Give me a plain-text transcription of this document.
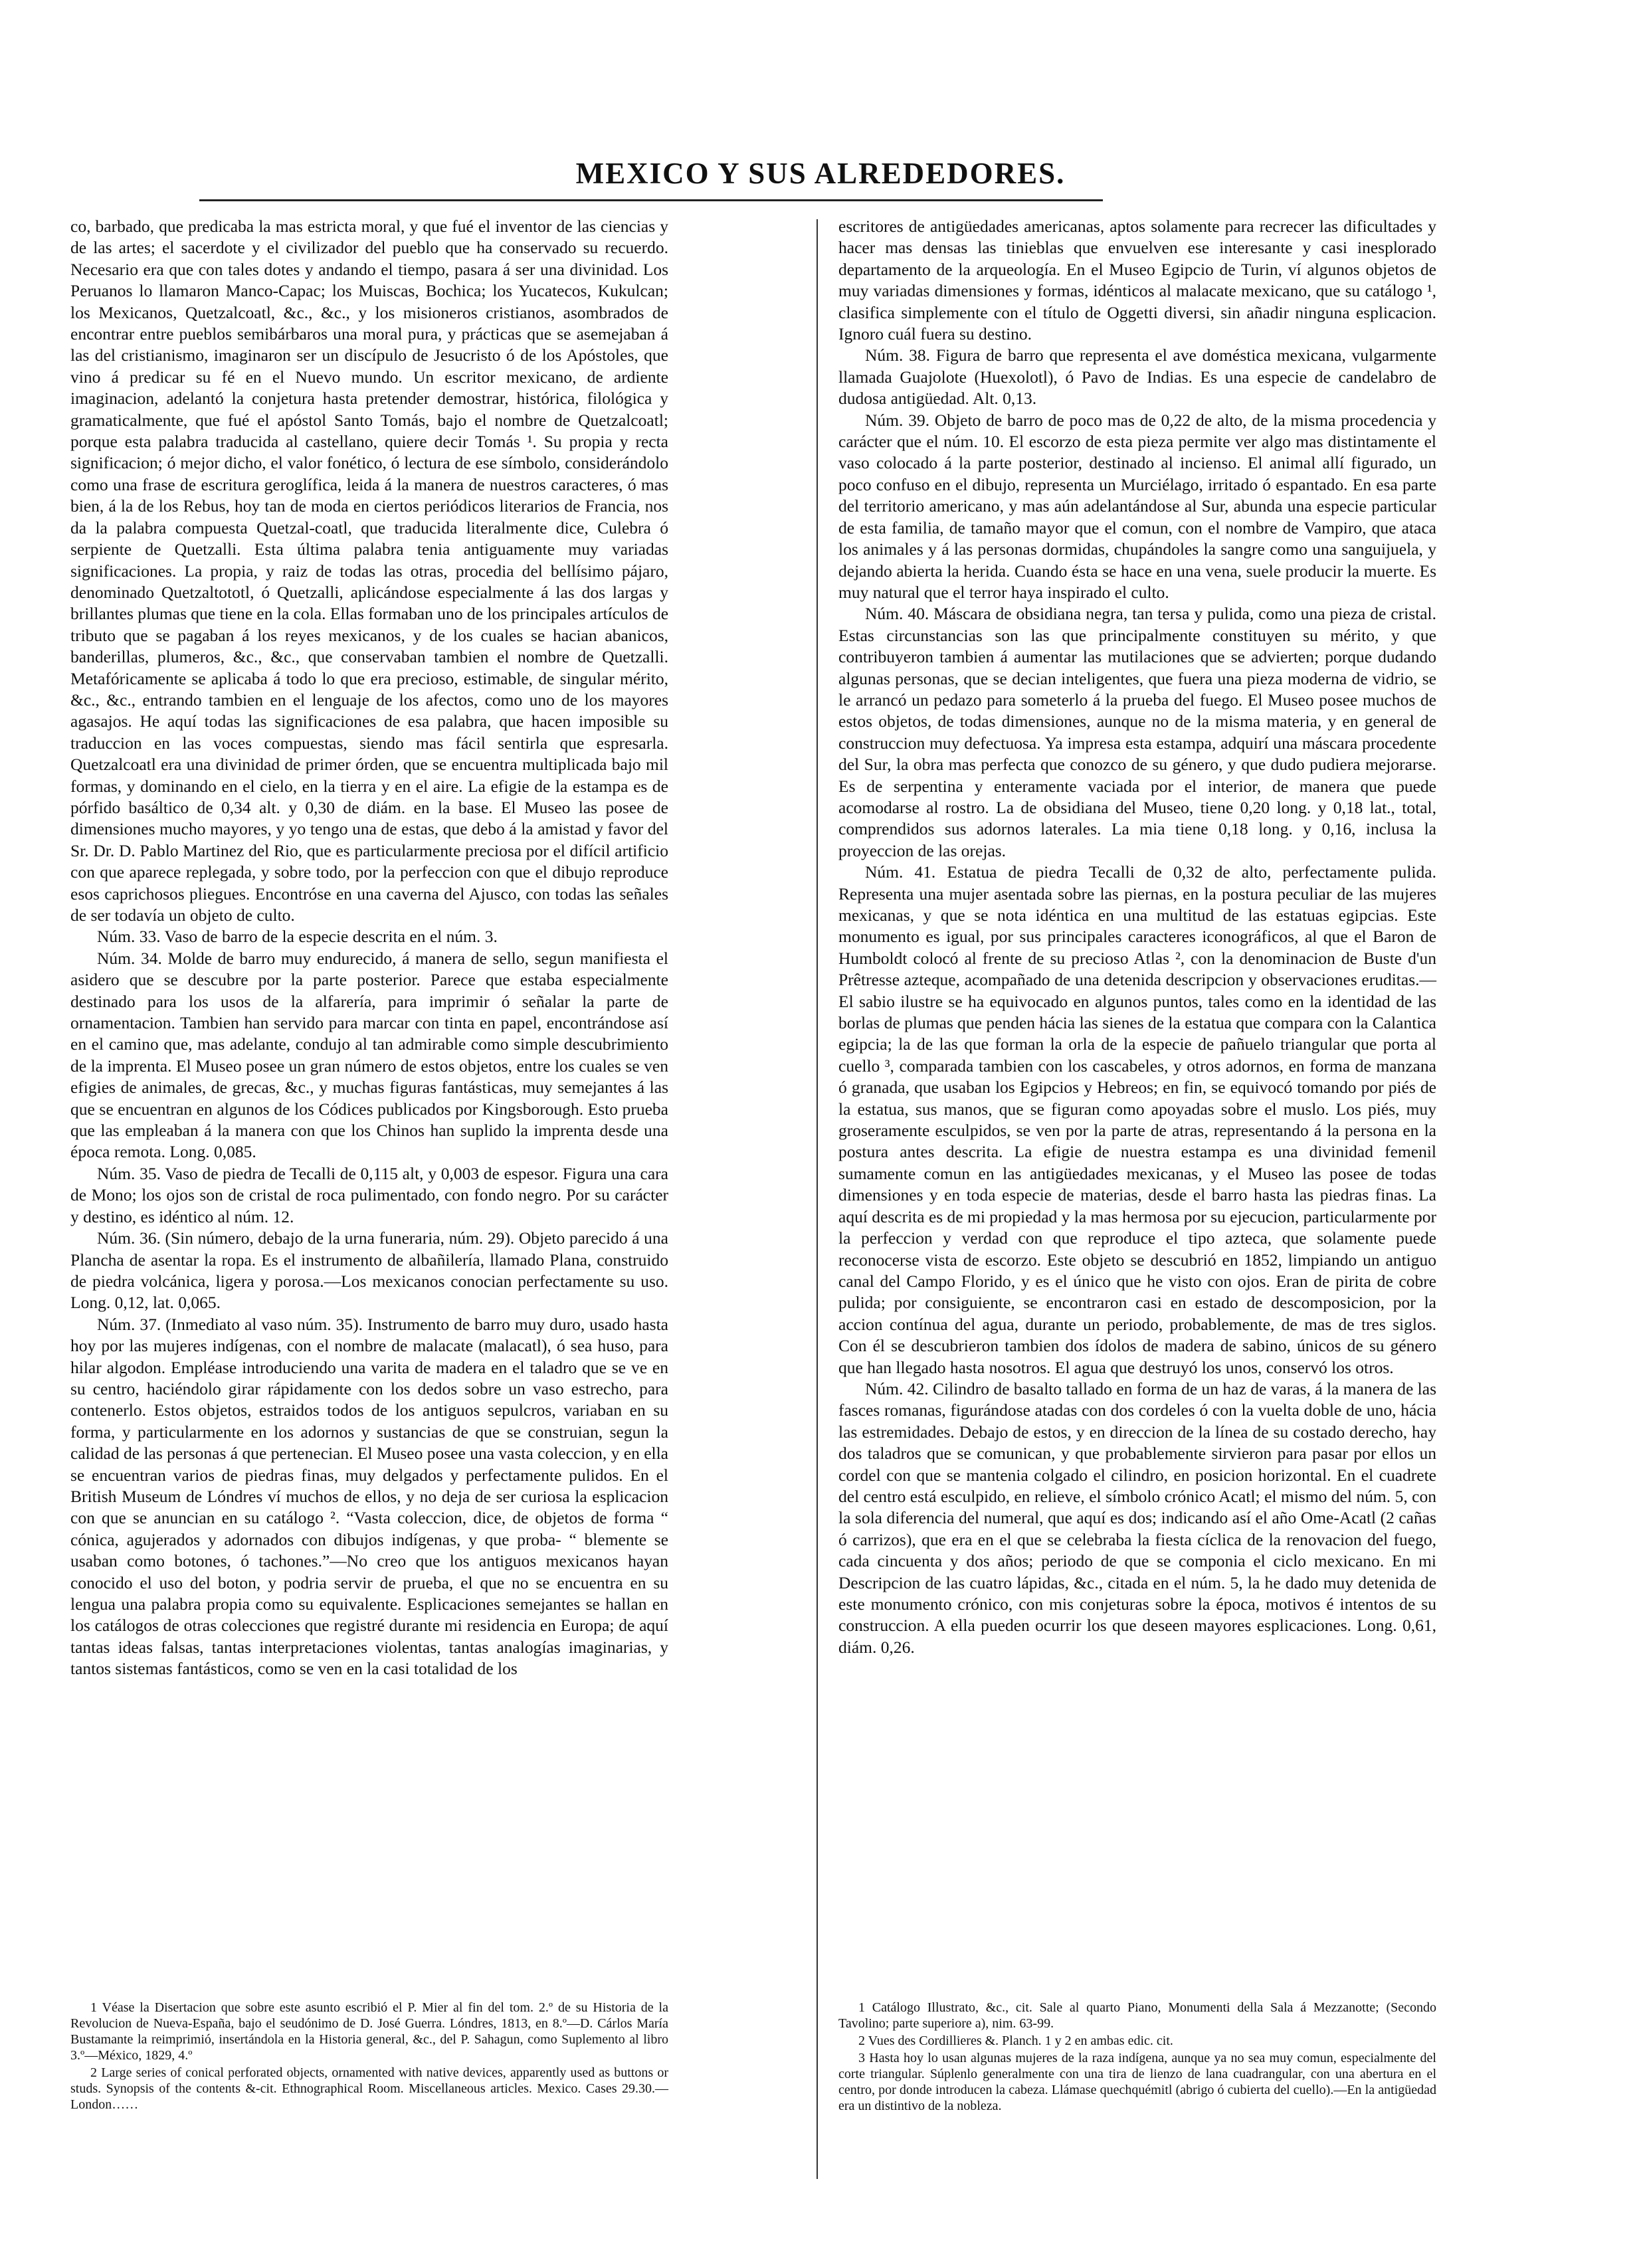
MEXICO Y SUS ALREDEDORES.

co, barbado, que predicaba la mas estricta moral, y que fué el inventor de las ciencias y de las artes; el sacerdote y el civilizador del pueblo que ha conservado su recuerdo. Necesario era que con tales dotes y andando el tiempo, pasara á ser una divinidad. Los Peruanos lo llamaron Manco-Capac; los Muiscas, Bochica; los Yucatecos, Kukulcan; los Mexicanos, Quetzalcoatl, &c., &c., y los misioneros cristianos, asombrados de encontrar entre pueblos semibárbaros una moral pura, y prácticas que se asemejaban á las del cristianismo, imaginaron ser un discípulo de Jesucristo ó de los Apóstoles, que vino á predicar su fé en el Nuevo mundo. Un escritor mexicano, de ardiente imaginacion, adelantó la conjetura hasta pretender demostrar, histórica, filológica y gramaticalmente, que fué el apóstol Santo Tomás, bajo el nombre de Quetzalcoatl; porque esta palabra traducida al castellano, quiere decir Tomás ¹. Su propia y recta significacion; ó mejor dicho, el valor fonético, ó lectura de ese símbolo, considerándolo como una frase de escritura geroglífica, leida á la manera de nuestros caracteres, ó mas bien, á la de los Rebus, hoy tan de moda en ciertos periódicos literarios de Francia, nos da la palabra compuesta Quetzal-coatl, que traducida literalmente dice, Culebra ó serpiente de Quetzalli. Esta última palabra tenia antiguamente muy variadas significaciones. La propia, y raiz de todas las otras, procedia del bellísimo pájaro, denominado Quetzaltototl, ó Quetzalli, aplicándose especialmente á las dos largas y brillantes plumas que tiene en la cola. Ellas formaban uno de los principales artículos de tributo que se pagaban á los reyes mexicanos, y de los cuales se hacian abanicos, banderillas, plumeros, &c., &c., que conservaban tambien el nombre de Quetzalli. Metafóricamente se aplicaba á todo lo que era precioso, estimable, de singular mérito, &c., &c., entrando tambien en el lenguaje de los afectos, como uno de los mayores agasajos. He aquí todas las significaciones de esa palabra, que hacen imposible su traduccion en las voces compuestas, siendo mas fácil sentirla que espresarla. Quetzalcoatl era una divinidad de primer órden, que se encuentra multiplicada bajo mil formas, y dominando en el cielo, en la tierra y en el aire. La efigie de la estampa es de pórfido basáltico de 0,34 alt. y 0,30 de diám. en la base. El Museo las posee de dimensiones mucho mayores, y yo tengo una de estas, que debo á la amistad y favor del Sr. Dr. D. Pablo Martinez del Rio, que es particularmente preciosa por el difícil artificio con que aparece replegada, y sobre todo, por la perfeccion con que el dibujo reproduce esos caprichosos pliegues. Encontróse en una caverna del Ajusco, con todas las señales de ser todavía un objeto de culto.

Núm. 33. Vaso de barro de la especie descrita en el núm. 3.

Núm. 34. Molde de barro muy endurecido, á manera de sello, segun manifiesta el asidero que se descubre por la parte posterior. Parece que estaba especialmente destinado para los usos de la alfarería, para imprimir ó señalar la parte de ornamentacion. Tambien han servido para marcar con tinta en papel, encontrándose así en el camino que, mas adelante, condujo al tan admirable como simple descubrimiento de la imprenta. El Museo posee un gran número de estos objetos, entre los cuales se ven efigies de animales, de grecas, &c., y muchas figuras fantásticas, muy semejantes á las que se encuentran en algunos de los Códices publicados por Kingsborough. Esto prueba que las empleaban á la manera con que los Chinos han suplido la imprenta desde una época remota. Long. 0,085.

Núm. 35. Vaso de piedra de Tecalli de 0,115 alt, y 0,003 de espesor. Figura una cara de Mono; los ojos son de cristal de roca pulimentado, con fondo negro. Por su carácter y destino, es idéntico al núm. 12.

Núm. 36. (Sin número, debajo de la urna funeraria, núm. 29). Objeto parecido á una Plancha de asentar la ropa. Es el instrumento de albañilería, llamado Plana, construido de piedra volcánica, ligera y porosa.—Los mexicanos conocian perfectamente su uso. Long. 0,12, lat. 0,065.

Núm. 37. (Inmediato al vaso núm. 35). Instrumento de barro muy duro, usado hasta hoy por las mujeres indígenas, con el nombre de malacate (malacatl), ó sea huso, para hilar algodon. Empléase introduciendo una varita de madera en el taladro que se ve en su centro, haciéndolo girar rápidamente con los dedos sobre un vaso estrecho, para contenerlo. Estos objetos, estraidos todos de los antiguos sepulcros, variaban en su forma, y particularmente en los adornos y sustancias de que se construian, segun la calidad de las personas á que pertenecian. El Museo posee una vasta coleccion, y en ella se encuentran varios de piedras finas, muy delgados y perfectamente pulidos. En el British Museum de Lóndres ví muchos de ellos, y no deja de ser curiosa la esplicacion con que se anuncian en su catálogo ². “Vasta coleccion, dice, de objetos de forma “ cónica, agujerados y adornados con dibujos indígenas, y que proba- “ blemente se usaban como botones, ó tachones.”—No creo que los antiguos mexicanos hayan conocido el uso del boton, y podria servir de prueba, el que no se encuentra en su lengua una palabra propia como su equivalente. Esplicaciones semejantes se hallan en los catálogos de otras colecciones que registré durante mi residencia en Europa; de aquí tantas ideas falsas, tantas interpretaciones violentas, tantas analogías imaginarias, y tantos sistemas fantásticos, como se ven en la casi totalidad de los

escritores de antigüedades americanas, aptos solamente para recrecer las dificultades y hacer mas densas las tinieblas que envuelven ese interesante y casi inesplorado departamento de la arqueología. En el Museo Egipcio de Turin, ví algunos objetos de muy variadas dimensiones y formas, idénticos al malacate mexicano, que su catálogo ¹, clasifica simplemente con el título de Oggetti diversi, sin añadir ninguna esplicacion. Ignoro cuál fuera su destino.

Núm. 38. Figura de barro que representa el ave doméstica mexicana, vulgarmente llamada Guajolote (Huexolotl), ó Pavo de Indias. Es una especie de candelabro de dudosa antigüedad. Alt. 0,13.

Núm. 39. Objeto de barro de poco mas de 0,22 de alto, de la misma procedencia y carácter que el núm. 10. El escorzo de esta pieza permite ver algo mas distintamente el vaso colocado á la parte posterior, destinado al incienso. El animal allí figurado, un poco confuso en el dibujo, representa un Murciélago, irritado ó espantado. En esa parte del territorio americano, y mas aún adelantándose al Sur, abunda una especie particular de esta familia, de tamaño mayor que el comun, con el nombre de Vampiro, que ataca los animales y á las personas dormidas, chupándoles la sangre como una sanguijuela, y dejando abierta la herida. Cuando ésta se hace en una vena, suele producir la muerte. Es muy natural que el terror haya inspirado el culto.

Núm. 40. Máscara de obsidiana negra, tan tersa y pulida, como una pieza de cristal. Estas circunstancias son las que principalmente constituyen su mérito, y que contribuyeron tambien á aumentar las mutilaciones que se advierten; porque dudando algunas personas, que se decian inteligentes, que fuera una pieza moderna de vidrio, se le arrancó un pedazo para someterlo á la prueba del fuego. El Museo posee muchos de estos objetos, de todas dimensiones, aunque no de la misma materia, y en general de construccion muy defectuosa. Ya impresa esta estampa, adquirí una máscara procedente del Sur, la obra mas perfecta que conozco de su género, y que dudo pudiera mejorarse. Es de serpentina y enteramente vaciada por el interior, de manera que puede acomodarse al rostro. La de obsidiana del Museo, tiene 0,20 long. y 0,18 lat., total, comprendidos sus adornos laterales. La mia tiene 0,18 long. y 0,16, inclusa la proyeccion de las orejas.

Núm. 41. Estatua de piedra Tecalli de 0,32 de alto, perfectamente pulida. Representa una mujer asentada sobre las piernas, en la postura peculiar de las mujeres mexicanas, y que se nota idéntica en una multitud de las estatuas egipcias. Este monumento es igual, por sus principales caracteres iconográficos, al que el Baron de Humboldt colocó al frente de su precioso Atlas ², con la denominacion de Buste d'un Prêtresse azteque, acompañado de una detenida descripcion y observaciones eruditas.—El sabio ilustre se ha equivocado en algunos puntos, tales como en la identidad de las borlas de plumas que penden hácia las sienes de la estatua que compara con la Calantica egipcia; la de las que forman la orla de la especie de pañuelo triangular que porta al cuello ³, comparada tambien con los cascabeles, y otros adornos, en forma de manzana ó granada, que usaban los Egipcios y Hebreos; en fin, se equivocó tomando por piés de la estatua, sus manos, que se figuran como apoyadas sobre el muslo. Los piés, muy groseramente esculpidos, se ven por la parte de atras, representando á la persona en la postura antes descrita. La efigie de nuestra estampa es una divinidad femenil sumamente comun en las antigüedades mexicanas, y el Museo las posee de todas dimensiones y en toda especie de materias, desde el barro hasta las piedras finas. La aquí descrita es de mi propiedad y la mas hermosa por su ejecucion, particularmente por la perfeccion y verdad con que reproduce el tipo azteca, que solamente puede reconocerse vista de escorzo. Este objeto se descubrió en 1852, limpiando un antiguo canal del Campo Florido, y es el único que he visto con ojos. Eran de pirita de cobre pulida; por consiguiente, se encontraron casi en estado de descomposicion, por la accion contínua del agua, durante un periodo, probablemente, de mas de tres siglos. Con él se descubrieron tambien dos ídolos de madera de sabino, únicos de su género que han llegado hasta nosotros. El agua que destruyó los unos, conservó los otros.

Núm. 42. Cilindro de basalto tallado en forma de un haz de varas, á la manera de las fasces romanas, figurándose atadas con dos cordeles ó con la vuelta doble de uno, hácia las estremidades. Debajo de estos, y en direccion de la línea de su costado derecho, hay dos taladros que se comunican, y que probablemente sirvieron para pasar por ellos un cordel con que se mantenia colgado el cilindro, en posicion horizontal. En el cuadrete del centro está esculpido, en relieve, el símbolo crónico Acatl; el mismo del núm. 5, con la sola diferencia del numeral, que aquí es dos; indicando así el año Ome-Acatl (2 cañas ó carrizos), que era en el que se celebraba la fiesta cíclica de la renovacion del fuego, cada cincuenta y dos años; periodo de que se componia el ciclo mexicano. En mi Descripcion de las cuatro lápidas, &c., citada en el núm. 5, la he dado muy detenida de este monumento crónico, con mis conjeturas sobre la época, motivos é intentos de su construccion. A ella pueden ocurrir los que deseen mayores esplicaciones. Long. 0,61, diám. 0,26.

1 Véase la Disertacion que sobre este asunto escribió el P. Mier al fin del tom. 2.º de su Historia de la Revolucion de Nueva-España, bajo el seudónimo de D. José Guerra. Lóndres, 1813, en 8.º—D. Cárlos María Bustamante la reimprimió, insertándola en la Historia general, &c., del P. Sahagun, como Suplemento al libro 3.º—México, 1829, 4.º

2 Large series of conical perforated objects, ornamented with native devices, apparently used as buttons or studs. Synopsis of the contents &-cit. Ethnographical Room. Miscellaneous articles. Mexico. Cases 29.30.—London……

1 Catálogo Illustrato, &c., cit. Sale al quarto Piano, Monumenti della Sala á Mezzanotte; (Secondo Tavolino; parte superiore a), nim. 63-99.

2 Vues des Cordillieres &. Planch. 1 y 2 en ambas edic. cit.

3 Hasta hoy lo usan algunas mujeres de la raza indígena, aunque ya no sea muy comun, especialmente del corte triangular. Súplenlo generalmente con una tira de lienzo de lana cuadrangular, con una abertura en el centro, por donde introducen la cabeza. Llámase quechquémitl (abrigo ó cubierta del cuello).—En la antigüedad era un distintivo de la nobleza.
